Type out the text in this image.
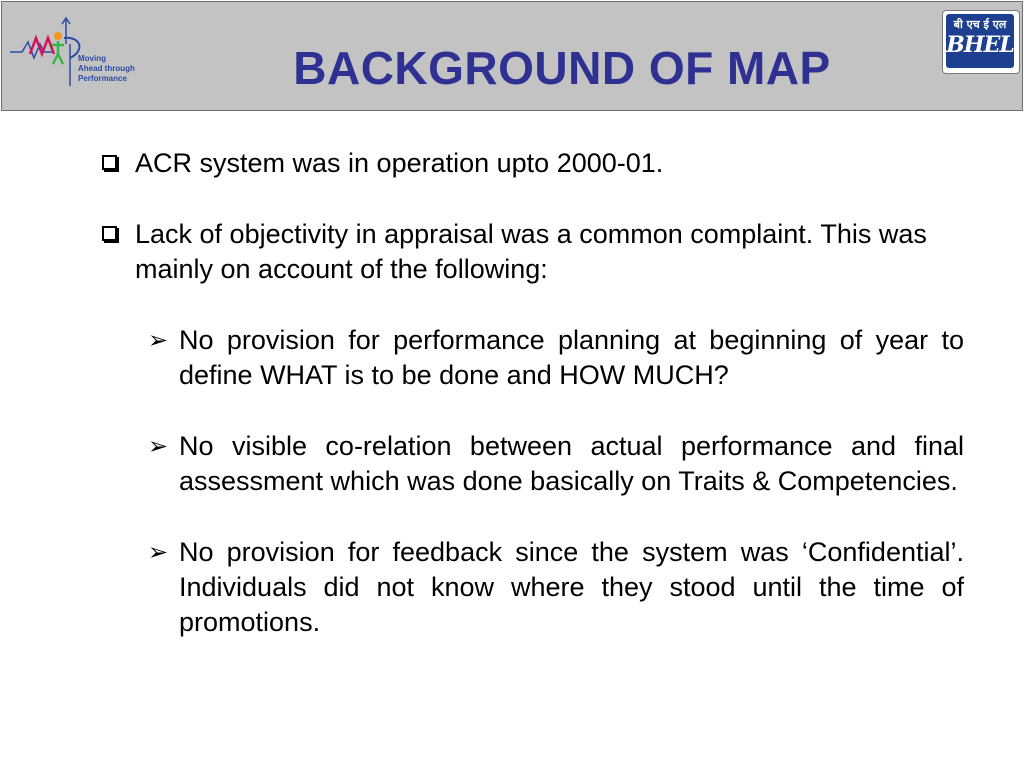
Moving
Ahead through
Performance	BACKGROUND OF MAP
बी एच ई एल
BHEL
ACR system was in operation upto 2000-01.
Lack of objectivity in appraisal was a common complaint. This was mainly on account of the following:
➢ No provision for performance planning at beginning of year to define WHAT is to be done and HOW MUCH?
➢ No visible co-relation between actual performance and final assessment which was done basically on Traits & Competencies.
➢ No provision for feedback since the system was ‘Confidential’. Individuals did not know where they stood until the time of promotions.
